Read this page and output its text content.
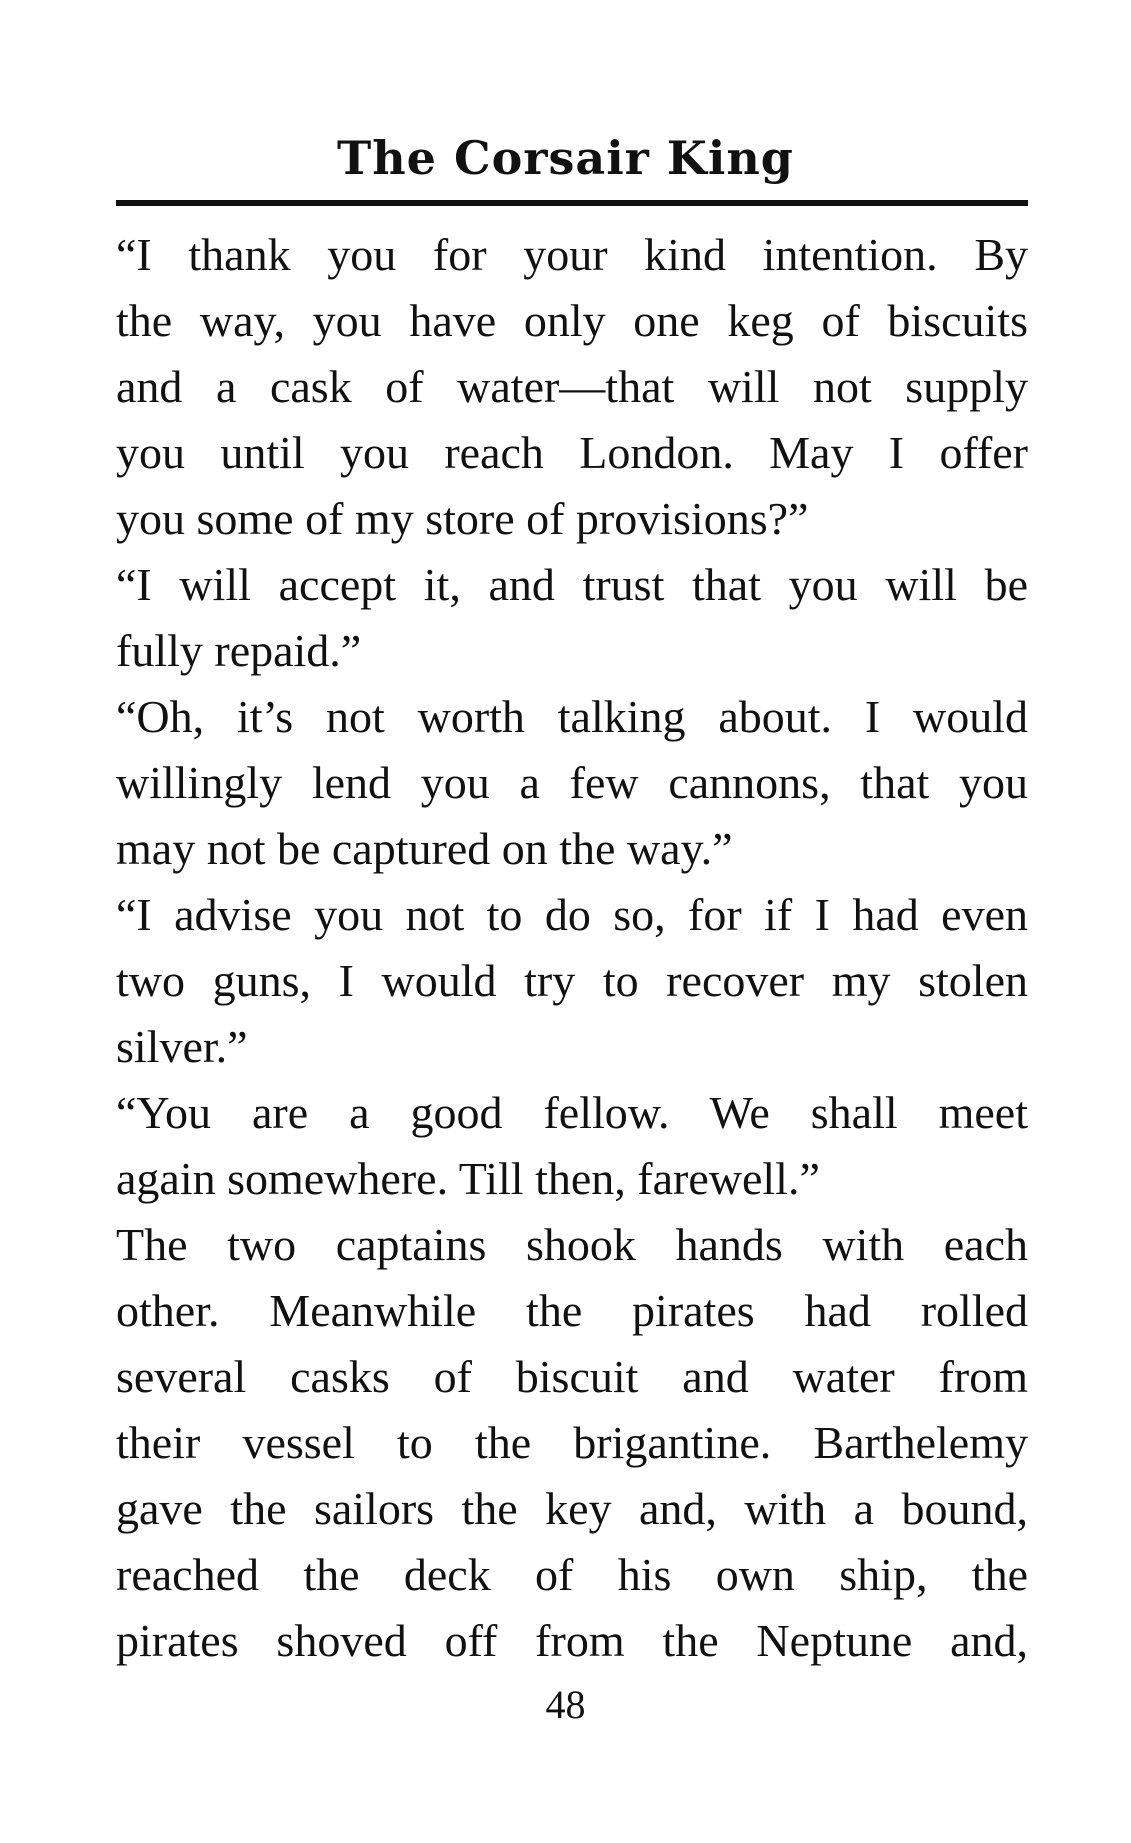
The Corsair King
“I thank you for your kind intention. By
the way, you have only one keg of biscuits
and a cask of water—that will not supply
you until you reach London. May I offer
you some of my store of provisions?”
“I will accept it, and trust that you will be
fully repaid.”
“Oh, it’s not worth talking about. I would
willingly lend you a few cannons, that you
may not be captured on the way.”
“I advise you not to do so, for if I had even
two guns, I would try to recover my stolen
silver.”
“You are a good fellow. We shall meet
again somewhere. Till then, farewell.”
The two captains shook hands with each
other. Meanwhile the pirates had rolled
several casks of biscuit and water from
their vessel to the brigantine. Barthelemy
gave the sailors the key and, with a bound,
reached the deck of his own ship, the
pirates shoved off from the Neptune and,
48
